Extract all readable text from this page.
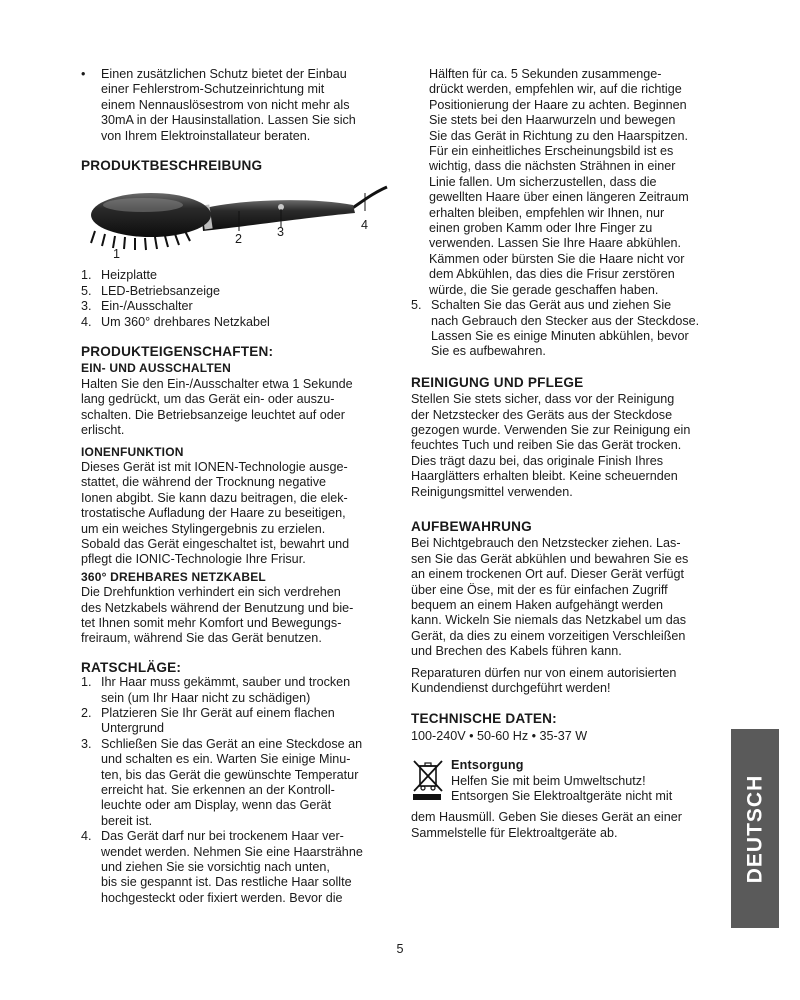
• Einen zusätzlichen Schutz bietet der Einbau

einer Fehlerstrom-Schutzeinrichtung mit

einem Nennauslösestrom von nicht mehr als

30mA in der Hausinstallation. Lassen Sie sich

von Ihrem Elektroinstallateur beraten.

PRODUKTBESCHREIBUNG

1
2	3	4
1. Heizplatte
5. LED-Betriebsanzeige
3. Ein-/Ausschalter
4. Um 360° drehbares Netzkabel

PRODUKTEIGENSCHAFTEN:

EIN- UND AUSSCHALTEN

Halten Sie den Ein-/Ausschalter etwa 1 Sekunde

lang gedrückt, um das Gerät ein- oder auszu-

schalten. Die Betriebsanzeige leuchtet auf oder

erlischt.

IONENFUNKTION

Dieses Gerät ist mit IONEN-Technologie ausge-

stattet, die während der Trocknung negative

Ionen abgibt. Sie kann dazu beitragen, die elek-

trostatische Aufladung der Haare zu beseitigen,

um ein weiches Stylingergebnis zu erzielen.

Sobald das Gerät eingeschaltet ist, bewahrt und

pflegt die IONIC-Technologie Ihre Frisur.

360° DREHBARES NETZKABEL

Die Drehfunktion verhindert ein sich verdrehen

des Netzkabels während der Benutzung und bie-

tet Ihnen somit mehr Komfort und Bewegungs-

freiraum, während Sie das Gerät benutzen.

RATSCHLÄGE:

1. Ihr Haar muss gekämmt, sauber und trocken

sein (um Ihr Haar nicht zu schädigen)

2. Platzieren Sie Ihr Gerät auf einem flachen

Untergrund

3. Schließen Sie das Gerät an eine Steckdose an

und schalten es ein. Warten Sie einige Minu-

ten, bis das Gerät die gewünschte Temperatur

erreicht hat. Sie erkennen an der Kontroll-

leuchte oder am Display, wenn das Gerät

bereit ist.

4. Das Gerät darf nur bei trockenem Haar ver-

wendet werden. Nehmen Sie eine Haarsträhne

und ziehen Sie sie vorsichtig nach unten,

bis sie gespannt ist. Das restliche Haar sollte

hochgesteckt oder fixiert werden. Bevor die

Hälften für ca. 5 Sekunden zusammenge-

drückt werden, empfehlen wir, auf die richtige

Positionierung der Haare zu achten. Beginnen

Sie stets bei den Haarwurzeln und bewegen

Sie das Gerät in Richtung zu den Haarspitzen.

Für ein einheitliches Erscheinungsbild ist es

wichtig, dass die nächsten Strähnen in einer

Linie fallen. Um sicherzustellen, dass die

gewellten Haare über einen längeren Zeitraum

erhalten bleiben, empfehlen wir Ihnen, nur

einen groben Kamm oder Ihre Finger zu

verwenden. Lassen Sie Ihre Haare abkühlen.

Kämmen oder bürsten Sie die Haare nicht vor

dem Abkühlen, das dies die Frisur zerstören

würde, die Sie gerade geschaffen haben.

5. Schalten Sie das Gerät aus und ziehen Sie

nach Gebrauch den Stecker aus der Steckdose.

Lassen Sie es einige Minuten abkühlen, bevor

Sie es aufbewahren.

REINIGUNG UND PFLEGE

Stellen Sie stets sicher, dass vor der Reinigung

der Netzstecker des Geräts aus der Steckdose

gezogen wurde. Verwenden Sie zur Reinigung ein

feuchtes Tuch und reiben Sie das Gerät trocken.

Dies trägt dazu bei, das originale Finish Ihres

Haarglätters erhalten bleibt. Keine scheuernden

Reinigungsmittel verwenden.

AUFBEWAHRUNG

Bei Nichtgebrauch den Netzstecker ziehen. Las-

sen Sie das Gerät abkühlen und bewahren Sie es

an einem trockenen Ort auf. Dieser Gerät verfügt

über eine Öse, mit der es für einfachen Zugriff

bequem an einem Haken aufgehängt werden

kann. Wickeln Sie niemals das Netzkabel um das

Gerät, da dies zu einem vorzeitigen Verschleißen

und Brechen des Kabels führen kann.

Reparaturen dürfen nur von einem autorisierten

Kundendienst durchgeführt werden!

TECHNISCHE DATEN:

100-240V • 50-60 Hz • 35-37 W

Entsorgung

Helfen Sie mit beim Umweltschutz!

Entsorgen Sie Elektroaltgeräte nicht mit

dem Hausmüll. Geben Sie dieses Gerät an einer

Sammelstelle für Elektroaltgeräte ab.	DEUTSCH
5
